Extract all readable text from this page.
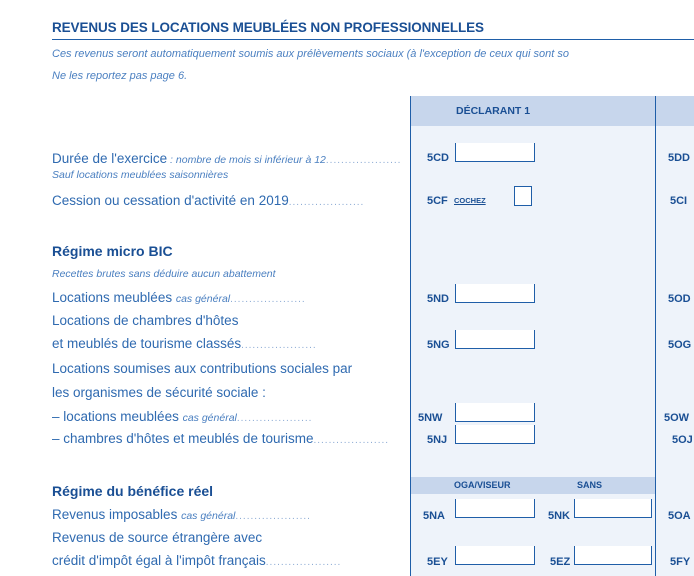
DÉCLARANT 1
REVENUS DES LOCATIONS MEUBLÉES NON PROFESSIONNELLES
Ces revenus seront automatiquement soumis aux prélèvements sociaux (à l'exception de ceux qui sont so
Ne les reportez pas page 6.
Durée de l'exercice : nombre de mois si inférieur à 12....................
Sauf locations meublées saisonnières
5CD	5DD
Cession ou cessation d'activité en 2019....................	5CF COCHEZ	5CI
Régime micro BIC
Recettes brutes sans déduire aucun abattement
Locations meublées cas général....................	5ND	5OD
Locations de chambres d'hôtes
et meublés de tourisme classés....................	5NG	5OG
Locations soumises aux contributions sociales par
les organismes de sécurité sociale :
– locations meublées cas général....................	5NW	5OW
– chambres d'hôtes et meublés de tourisme....................	5NJ	5OJ
Régime du bénéfice réel	OGA/VISEUR	SANS
Revenus imposables cas général....................	5NA	5NK	5OA
Revenus de source étrangère avec
crédit d'impôt égal à l'impôt français....................	5EY	5EZ	5FY
